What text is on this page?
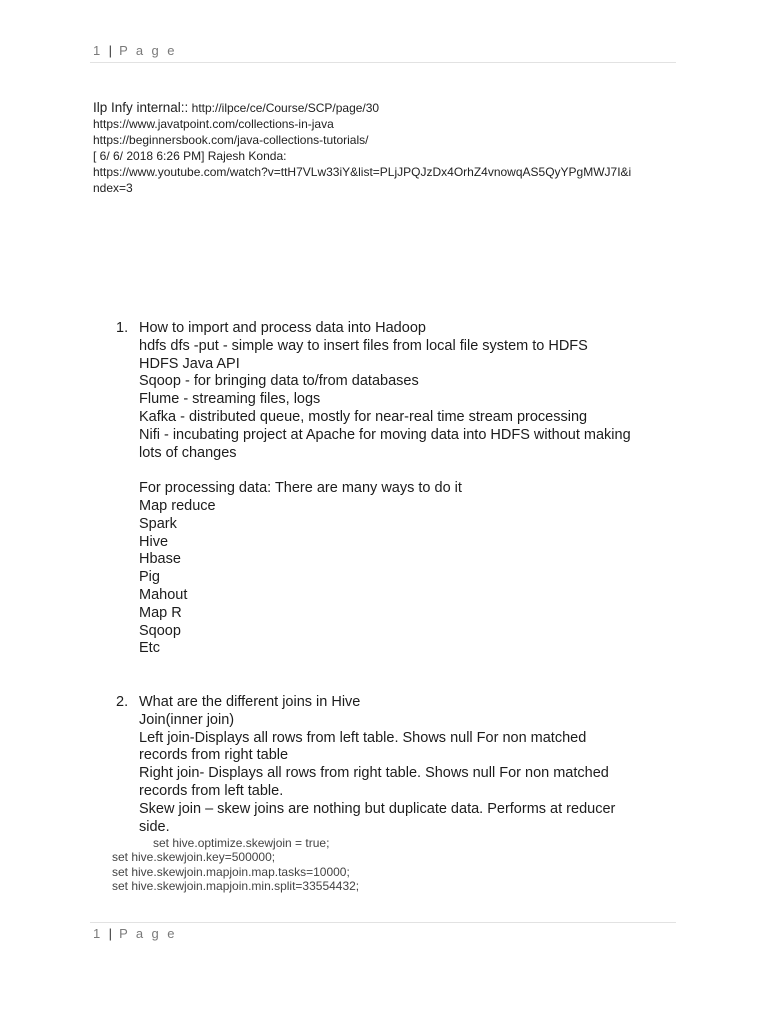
1 | P a g e
Ilp Infy internal:: http://ilpce/ce/Course/SCP/page/30
https://www.javatpoint.com/collections-in-java
https://beginnersbook.com/java-collections-tutorials/
[ 6/ 6/ 2018 6:26 PM] Rajesh Konda:
https://www.youtube.com/watch?v=ttH7VLw33iY&list=PLjJPQJzDx4OrhZ4vnowqAS5QyYPgMWJ7I&i
ndex=3
1. How to import and process data into Hadoop
hdfs dfs -put - simple way to insert files from local file system to HDFS
HDFS Java API
Sqoop - for bringing data to/from databases
Flume - streaming files, logs
Kafka - distributed queue, mostly for near-real time stream processing
Nifi - incubating project at Apache for moving data into HDFS without making
lots of changes
For processing data: There are many ways to do it
Map reduce
Spark
Hive
Hbase
Pig
Mahout
Map R
Sqoop
Etc
2. What are the different joins in Hive
Join(inner join)
Left join-Displays all rows from left table. Shows null For non matched
records from right table
Right join- Displays all rows from right table. Shows null For non matched
records from left table.
Skew join – skew joins are nothing but duplicate data. Performs at reducer
side.
set hive.optimize.skewjoin = true;
set hive.skewjoin.key=500000;
set hive.skewjoin.mapjoin.map.tasks=10000;
set hive.skewjoin.mapjoin.min.split=33554432;
1 | P a g e
